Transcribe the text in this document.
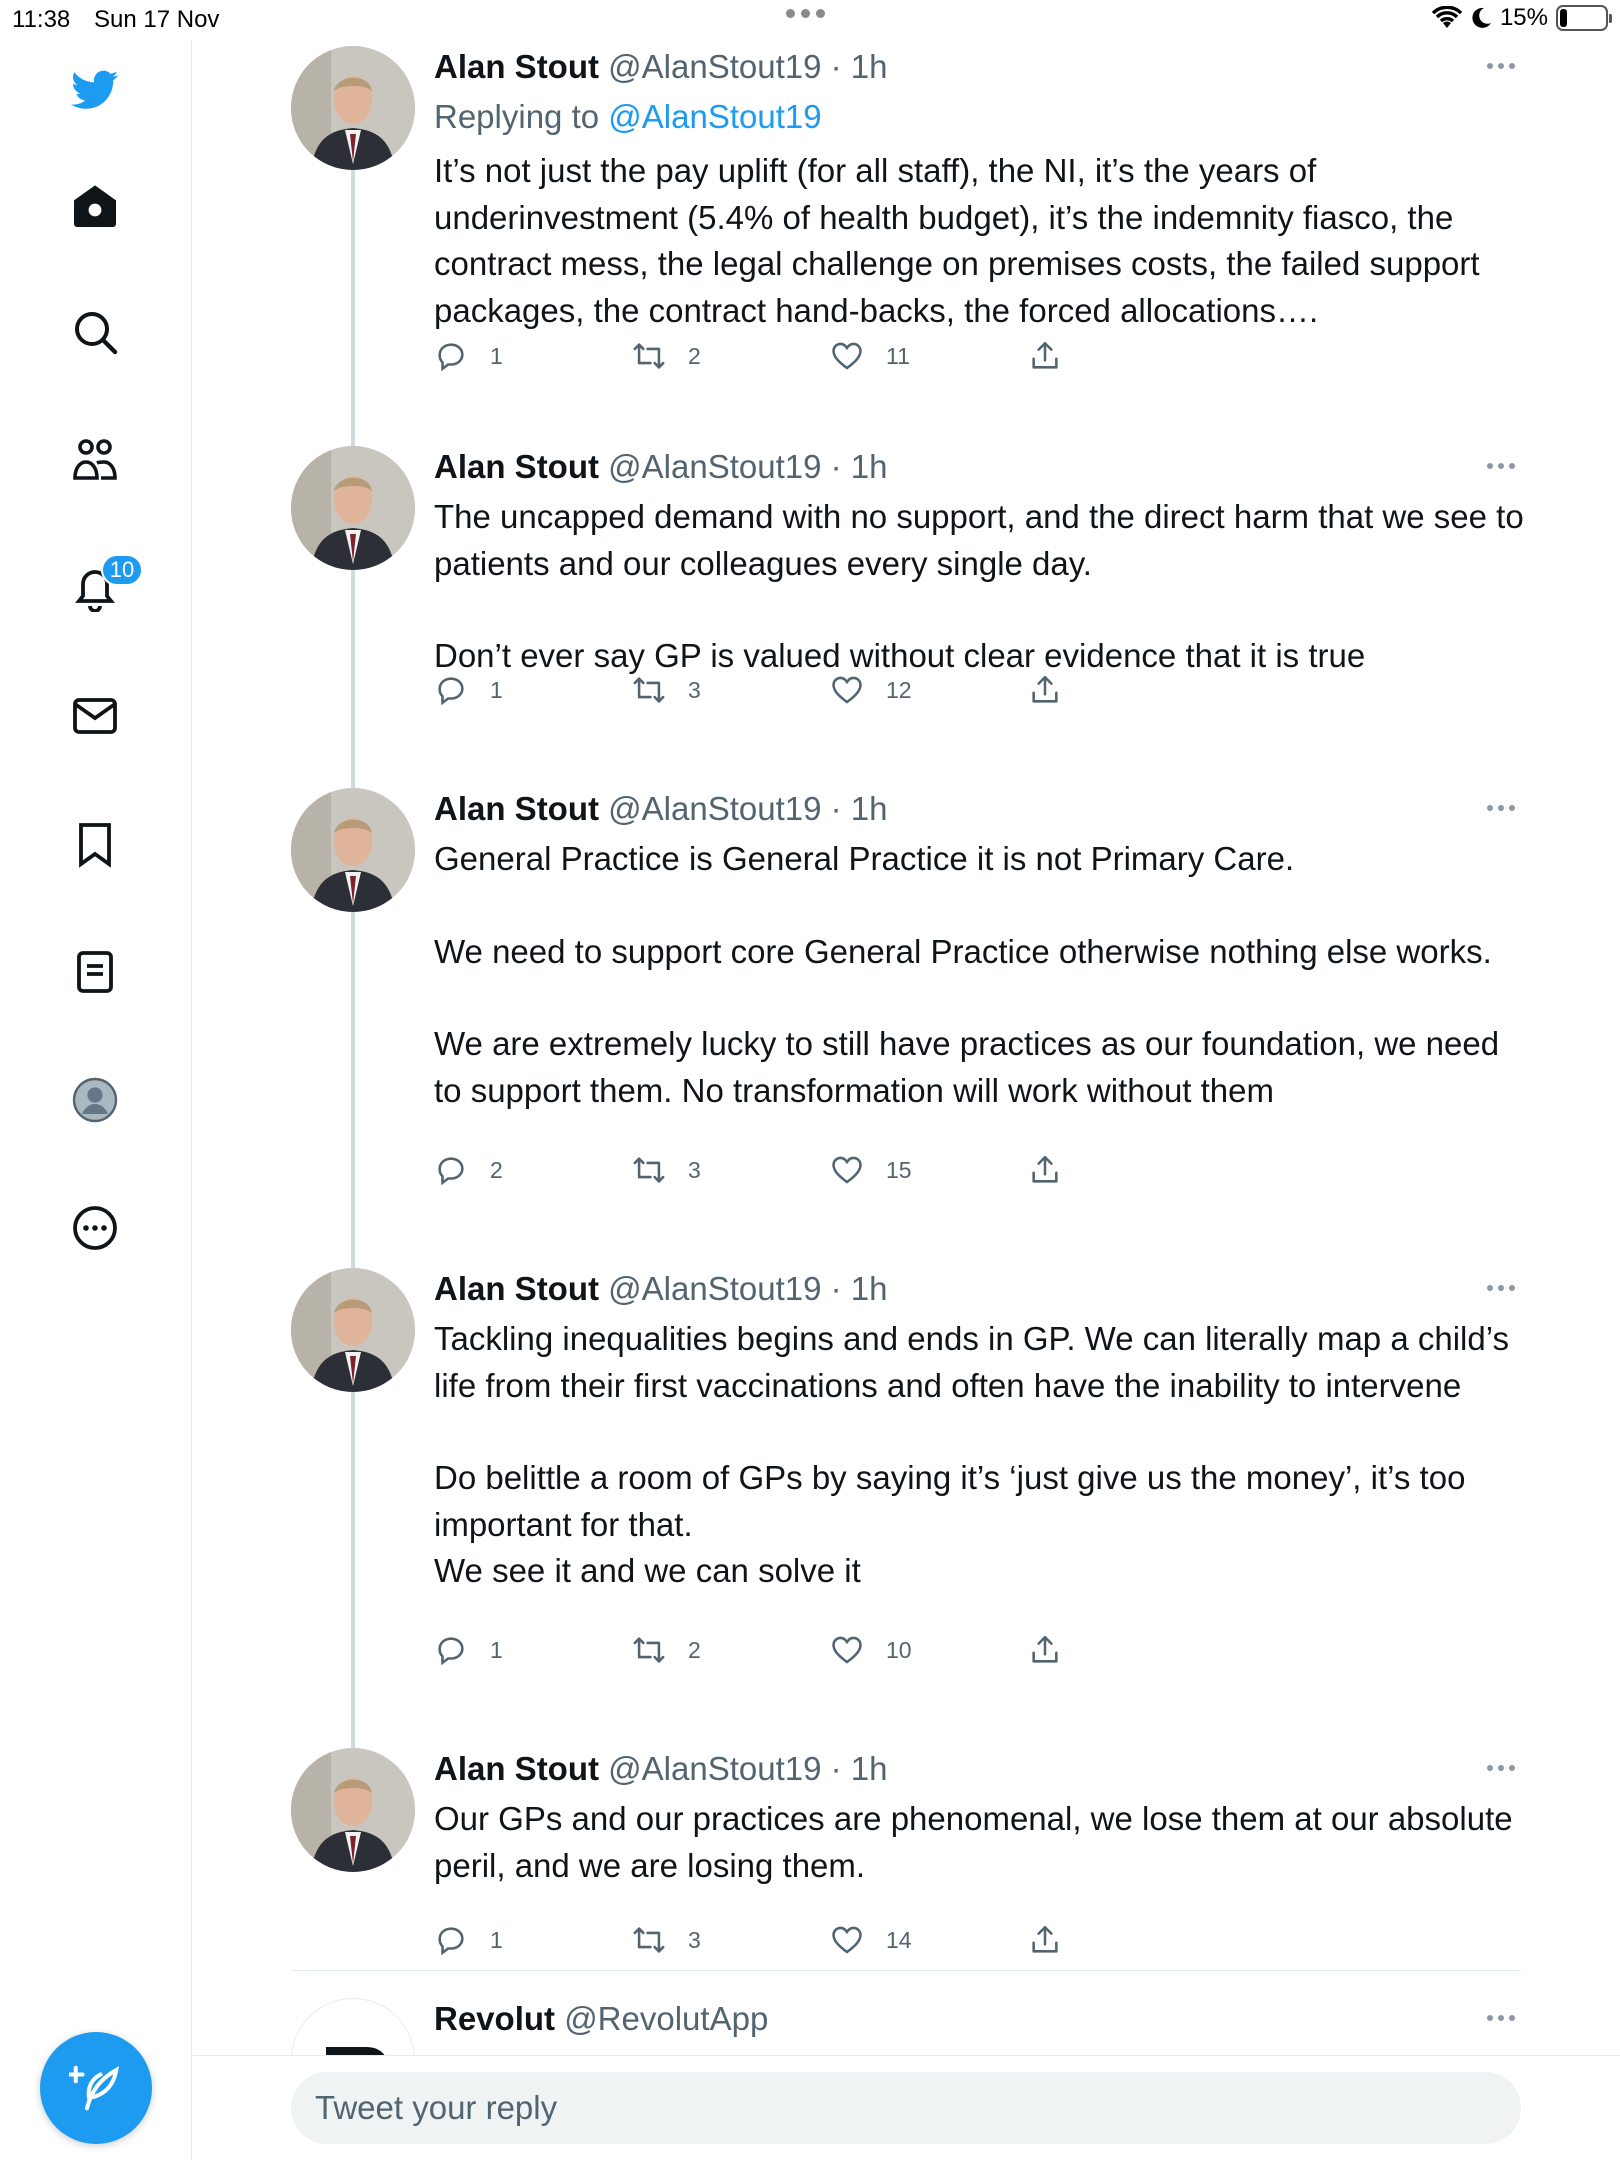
11:38 Sun 17 Nov	15%
10
Alan Stout @AlanStout19 · 1h
Replying to @AlanStout19

It’s not just the pay uplift (for all staff), the NI, it’s the years of underinvestment (5.4% of health budget), it’s the indemnity fiasco, the contract mess, the legal challenge on premises costs, the failed support packages, the contract hand-backs, the forced allocations….

1	2	11
Alan Stout @AlanStout19 · 1h

The uncapped demand with no support, and the direct harm that we see to patients and our colleagues every single day.

Don’t ever say GP is valued without clear evidence that it is true

1	3	12
Alan Stout @AlanStout19 · 1h

General Practice is General Practice it is not Primary Care.

We need to support core General Practice otherwise nothing else works.

We are extremely lucky to still have practices as our foundation, we need to support them. No transformation will work without them

2	3	15
Alan Stout @AlanStout19 · 1h

Tackling inequalities begins and ends in GP. We can literally map a child’s life from their first vaccinations and often have the inability to intervene

Do belittle a room of GPs by saying it’s ‘just give us the money’, it’s too important for that.
We see it and we can solve it

1	2	10
Alan Stout @AlanStout19 · 1h

Our GPs and our practices are phenomenal, we lose them at our absolute peril, and we are losing them.

1	3	14
Revolut @RevolutApp
Tweet your reply
